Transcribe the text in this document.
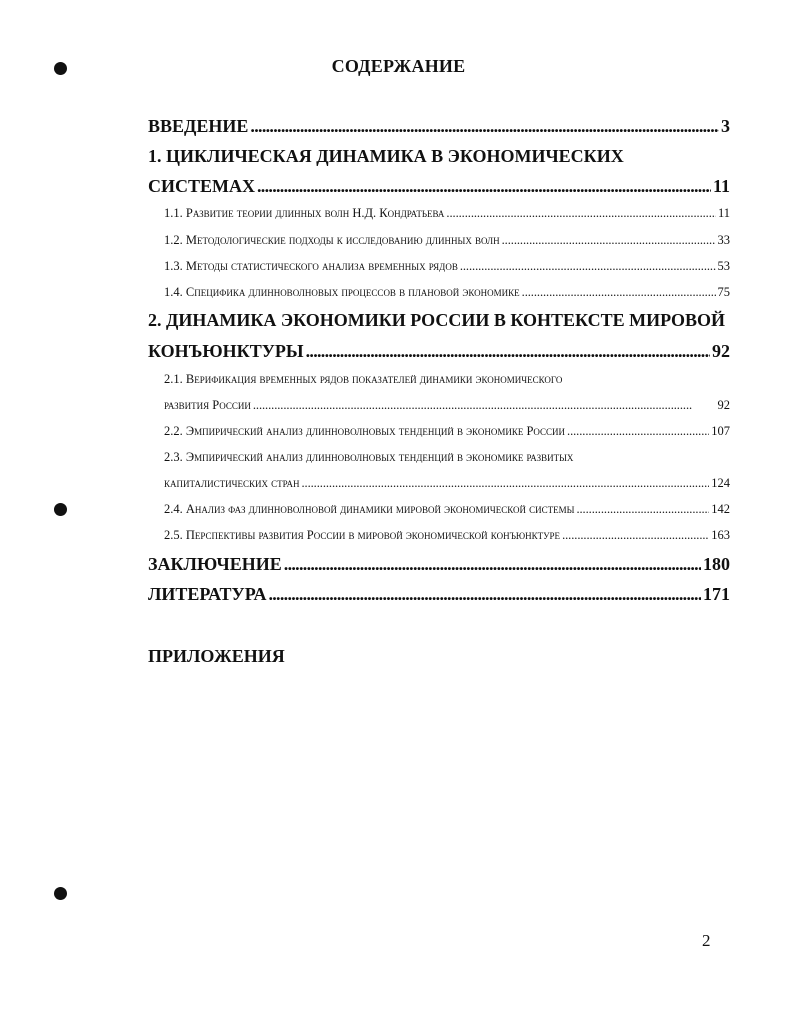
СОДЕРЖАНИЕ
ВВЕДЕНИЕ . . .	3
1. ЦИКЛИЧЕСКАЯ ДИНАМИКА В ЭКОНОМИЧЕСКИХ
СИСТЕМАХ . . .	11
1.1. Развитие теории длинных волн Н.Д. Кондратьева . . .	11
1.2. Методологические подходы к исследованию длинных волн . . .	33
1.3. Методы статистического анализа временных рядов . . .	53
1.4. Специфика длинноволновых процессов в плановой экономике . . .	75
2. ДИНАМИКА ЭКОНОМИКИ РОССИИ В КОНТЕКСТЕ МИРОВОЙ
КОНЪЮНКТУРЫ . . .	92
2.1. Верификация временных рядов показателей динамики экономического
развития России . . .	92
2.2. Эмпирический анализ длинноволновых тенденций в экономике России . . .	107
2.3. Эмпирический анализ длинноволновых тенденций в экономике развитых
капиталистических стран . . .	124
2.4. Анализ фаз длинноволновой динамики мировой экономической системы . . .	142
2.5. Перспективы развития России в мировой экономической конъюнктуре . . .	163
ЗАКЛЮЧЕНИЕ . . .	180
ЛИТЕРАТУРА . . .	171
ПРИЛОЖЕНИЯ
2
